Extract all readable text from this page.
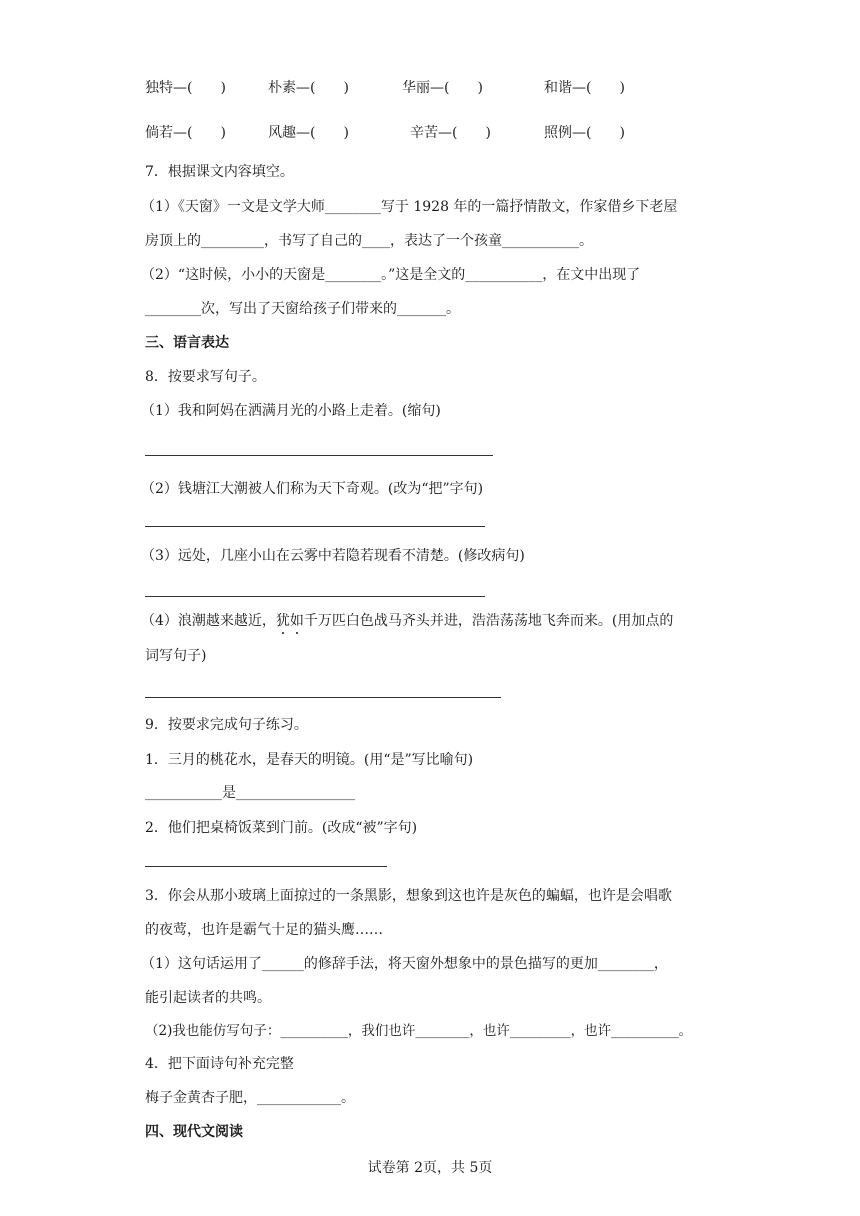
独特—(　　)	朴素—(　　)	华丽—(　　)	和谐—(　　)
倘若—(　　)	风趣—(　　)	辛苦—(　　)	照例—(　　)
7．根据课文内容填空。
（1）《天窗》一文是文学大师________写于 1928 年的一篇抒情散文，作家借乡下老屋
房顶上的_________，书写了自己的____，表达了一个孩童___________。
（2）“这时候，小小的天窗是________。”这是全文的___________，在文中出现了
________次，写出了天窗给孩子们带来的_______。
三、语言表达
8．按要求写句子。
（1）我和阿妈在洒满月光的小路上走着。(缩句)
（2）钱塘江大潮被人们称为天下奇观。(改为“把”字句)
（3）远处，几座小山在云雾中若隐若现看不清楚。(修改病句)
（4）浪潮越来越近，犹如千万匹白色战马齐头并进，浩浩荡荡地飞奔而来。(用加点的
词写句子)
9．按要求完成句子练习。
1．三月的桃花水，是春天的明镜。(用“是”写比喻句)
___________是_________________
2．他们把桌椅饭菜到门前。(改成“被”字句)
3．你会从那小玻璃上面掠过的一条黑影，想象到这也许是灰色的蝙蝠，也许是会唱歌
的夜莺，也许是霸气十足的猫头鹰……
（1）这句话运用了______的修辞手法，将天窗外想象中的景色描写的更加________，
能引起读者的共鸣。
（2)我也能仿写句子：__________，我们也许________，也许_________，也许__________。
4．把下面诗句补充完整
梅子金黄杏子肥，____________。
四、现代文阅读
试卷第 2页，共 5页
